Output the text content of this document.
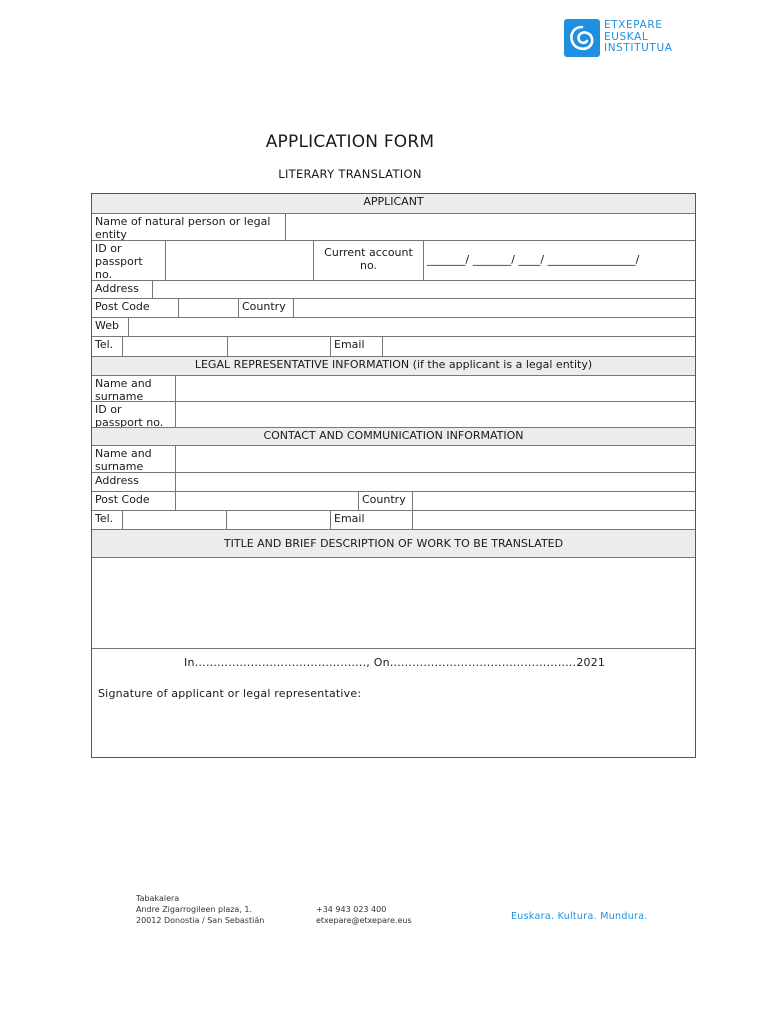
ETXEPARE
EUSKAL
INSTITUTUA
APPLICATION FORM
LITERARY TRANSLATION
APPLICANT
Name of natural person or legal entity
ID or passport no.
Current account no.	_______/ _______/ ____/ ________________/
Address
Post Code	Country
Web
Tel.	Email
LEGAL REPRESENTATIVE INFORMATION (if the applicant is a legal entity)
Name and surname
ID or passport no.
CONTACT AND COMMUNICATION INFORMATION
Name and surname
Address
Post Code	Country
Tel.	Email
TITLE AND BRIEF DESCRIPTION OF WORK TO BE TRANSLATED
In………………………………………., On…………………………………………..2021
Signature of applicant or legal representative:
Tabakalera
Andre Zigarrogileen plaza, 1.
20012 Donostia / San Sebastián
+34 943 023 400
etxepare@etxepare.eus	Euskara. Kultura. Mundura.
